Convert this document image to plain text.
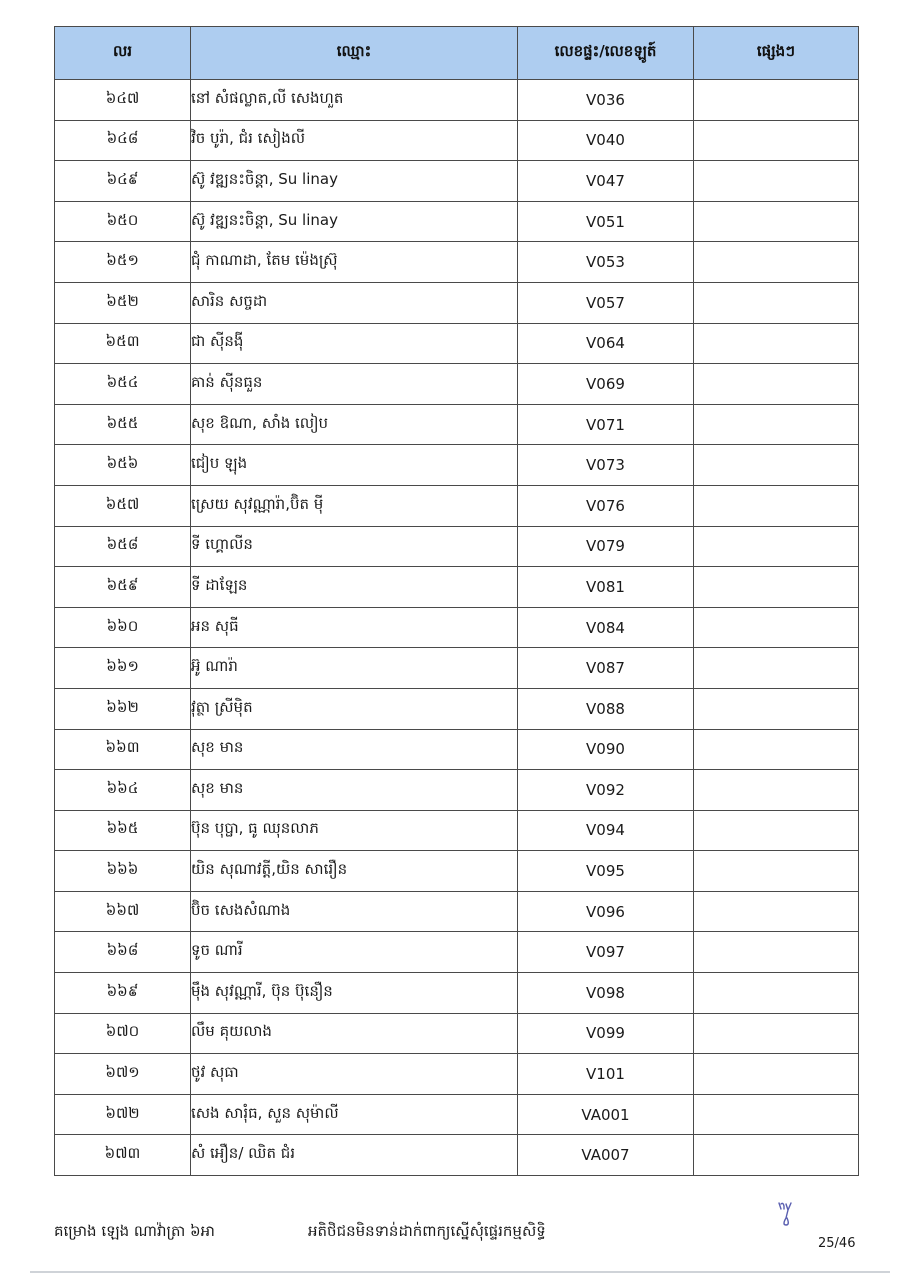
លរ	ឈ្មោះ	លេខផ្ទះ/លេខឡូត៍	ផ្សេងៗ
៦៤៧	នៅ សំផល្លាត,លី សេងហួត	V036	
៦៤៨	វិច បូរ៉ា, ជំរ សៀងលី	V040	
៦៤៩	ស៊ូ វឌ្ឍនះចិន្តា, Su linay	V047	
៦៥០	ស៊ូ វឌ្ឍនះចិន្តា, Su linay	V051	
៦៥១	ជុំ កាណាដា, តែម ម៉េងស្រ៊ុ	V053	
៦៥២	សារិន សច្ចដា	V057	
៦៥៣	ជា ស៊ីនង៉ី	V064	
៦៥៤	គាន់ ស៊ីនធួន	V069	
៦៥៥	សុខ ឱណា, សាំង លៀប	V071	
៦៥៦	ជៀប ឡុង	V073	
៦៥៧	ស្រេយ សុវណ្ណារ៉ា,ប៊ិត ម៉ី	V076	
៦៥៨	ទី ហ្គោលីន	V079	
៦៥៩	ទី ដាឡែន	V081	
៦៦០	អន សុធី	V084	
៦៦១	អ៊ូ ណារ៉ា	V087	
៦៦២	វុត្ថា ស្រីម៉ិត	V088	
៦៦៣	សុខ មាន	V090	
៦៦៤	សុខ មាន	V092	
៦៦៥	ប៊ុន បុប្ផា, ធូ ឈុនលាភ	V094	
៦៦៦	យិន សុណាវត្តី,យិន សារឿន	V095	
៦៦៧	ប៊ិច សេងសំណាង	V096	
៦៦៨	ទូច ណារី	V097	
៦៦៩	ម៉ឹង សុវណ្ណារី, ប៊ុន ប៊ុនឿន	V098	
៦៧០	លឹម គុយលាង	V099	
៦៧១	ថូវ សុធា	V101	
៦៧២	សេង សារុំធ, សួន សុម៉ាលី	VA001	
៦៧៣	សំ អឿន/ ឈិត ជំរ	VA007	
គម្រោង ឡេង ណាវ៉ាត្រា ៦អា	អតិថិជនមិនទាន់ដាក់ពាក្យស្នើសុំផ្ទេរកម្មសិទ្ធិ
25/46
